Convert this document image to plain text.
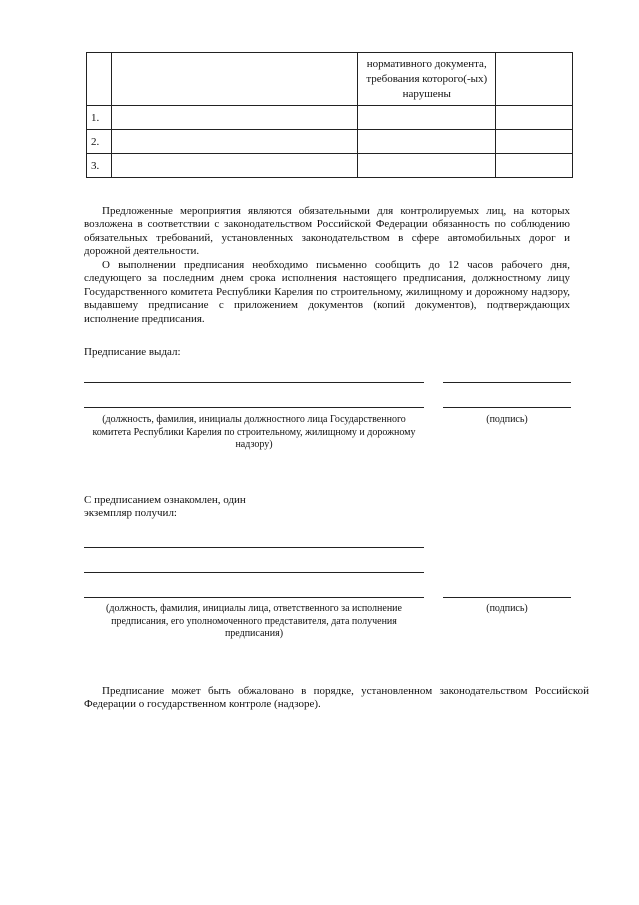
		нормативного документа, требования которого(-ых) нарушены	
1.			
2.			
3.			

Предложенные мероприятия являются обязательными для контролируемых лиц, на которых возложена в соответствии с законодательством Российской Федерации обязанность по соблюдению обязательных требований, установленных законодательством в сфере автомобильных дорог и дорожной деятельности.

О выполнении предписания необходимо письменно сообщить до 12 часов рабочего дня, следующего за последним днем срока исполнения настоящего предписания, должностному лицу Государственного комитета Республики Карелия по строительному, жилищному и дорожному надзору, выдавшему предписание с приложением документов (копий документов), подтверждающих исполнение предписания.

Предписание выдал:

(должность, фамилия, инициалы должностного лица Государственного комитета Республики Карелия по строительному, жилищному и дорожному надзору)

(подпись)

С предписанием ознакомлен, один экземпляр получил:

(должность, фамилия, инициалы лица, ответственного за исполнение предписания, его уполномоченного представителя, дата получения предписания)

(подпись)

Предписание может быть обжаловано в порядке, установленном законодательством Российской Федерации о государственном контроле (надзоре).
